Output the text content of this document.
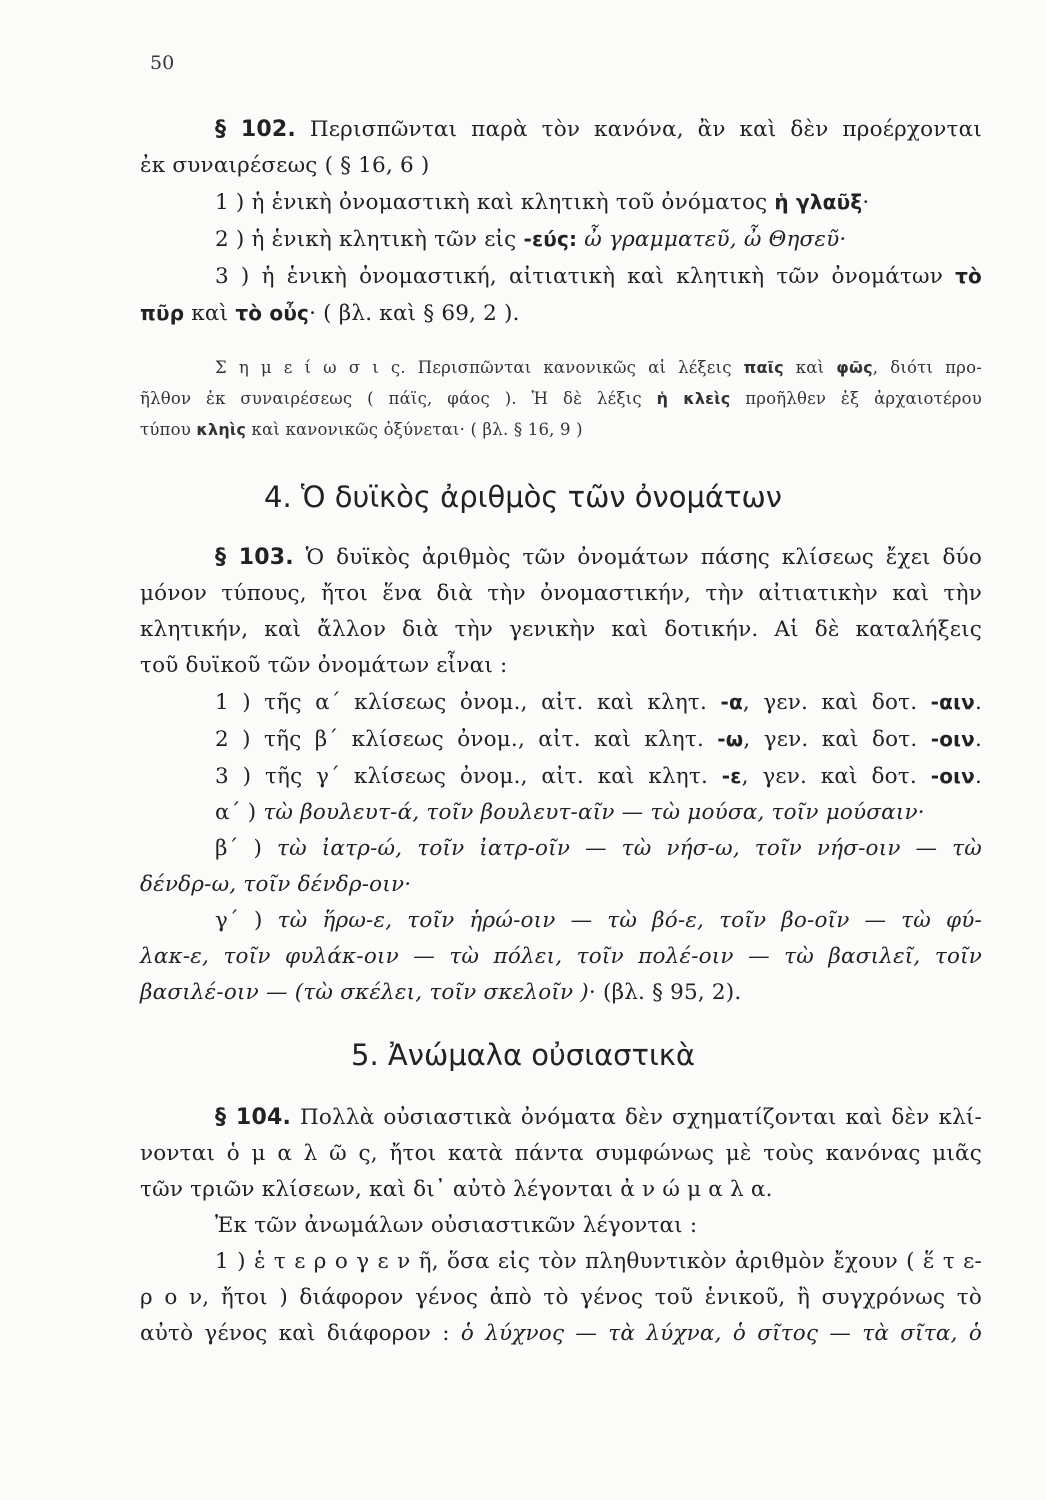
50
§ 102. Περισπῶνται παρὰ τὸν κανόνα, ἂν καὶ δὲν προέρχονται
ἐκ συναιρέσεως ( § 16, 6 )
1 ) ἡ ἑνικὴ ὀνομαστικὴ καὶ κλητικὴ τοῦ ὀνόματος ἡ γλαῦξ·
2 ) ἡ ἑνικὴ κλητικὴ τῶν εἰς -εύς: ὦ γραμματεῦ, ὦ Θησεῦ·
3 ) ἡ ἑνικὴ ὀνομαστική, αἰτιατικὴ καὶ κλητικὴ τῶν ὀνομάτων τὸ
πῦρ καὶ τὸ οὖς· ( βλ. καὶ § 69, 2 ).
Σ η μ ε ί ω σ ι ς. Περισπῶνται κανονικῶς αἱ λέξεις παῖς καὶ φῶς, διότι προ-
ῆλθον ἐκ συναιρέσεως ( πάϊς, φάος ). Ἡ δὲ λέξις ἡ κλεὶς προῆλθεν ἐξ ἀρχαιοτέρου
τύπου κληὶς καὶ κανονικῶς ὀξύνεται· ( βλ. § 16, 9 )
4. Ὁ δυϊκὸς ἀριθμὸς τῶν ὀνομάτων
§ 103. Ὁ δυϊκὸς ἀριθμὸς τῶν ὀνομάτων πάσης κλίσεως ἔχει δύο
μόνον τύπους, ἤτοι ἕνα διὰ τὴν ὀνομαστικήν, τὴν αἰτιατικὴν καὶ τὴν
κλητικήν, καὶ ἄλλον διὰ τὴν γενικὴν καὶ δοτικήν. Αἱ δὲ καταλήξεις
τοῦ δυϊκοῦ τῶν ὀνομάτων εἶναι :
1 ) τῆς α΄ κλίσεως ὀνομ., αἰτ. καὶ κλητ. -α, γεν. καὶ δοτ. -αιν.
2 ) τῆς β΄ κλίσεως ὀνομ., αἰτ. καὶ κλητ. -ω, γεν. καὶ δοτ. -οιν.
3 ) τῆς γ΄ κλίσεως ὀνομ., αἰτ. καὶ κλητ. -ε, γεν. καὶ δοτ. -οιν.
α΄ ) τὼ βουλευτ-ά, τοῖν βουλευτ-αῖν — τὼ μούσα, τοῖν μούσαιν·
β΄ ) τὼ ἰατρ-ώ, τοῖν ἰατρ-οῖν — τὼ νήσ-ω, τοῖν νήσ-οιν — τὼ
δένδρ-ω, τοῖν δένδρ-οιν·
γ΄ ) τὼ ἥρω-ε, τοῖν ἡρώ-οιν — τὼ βό-ε, τοῖν βο-οῖν — τὼ φύ-
λακ-ε, τοῖν φυλάκ-οιν — τὼ πόλει, τοῖν πολέ-οιν — τὼ βασιλεῖ, τοῖν
βασιλέ-οιν — (τὼ σκέλει, τοῖν σκελοῖν )· (βλ. § 95, 2).
5. Ἀνώμαλα οὐσιαστικὰ
§ 104. Πολλὰ οὐσιαστικὰ ὀνόματα δὲν σχηματίζονται καὶ δὲν κλί-
νονται ὁ μ α λ ῶ ς, ἤτοι κατὰ πάντα συμφώνως μὲ τοὺς κανόνας μιᾶς
τῶν τριῶν κλίσεων, καὶ δι᾽ αὐτὸ λέγονται ἀ ν ώ μ α λ α.
Ἐκ τῶν ἀνωμάλων οὐσιαστικῶν λέγονται :
1 ) ἑ τ ε ρ ο γ ε ν ῆ, ὅσα εἰς τὸν πληθυντικὸν ἀριθμὸν ἔχουν ( ἕ τ ε-
ρ ο ν, ἤτοι ) διάφορον γένος ἀπὸ τὸ γένος τοῦ ἑνικοῦ, ἢ συγχρόνως τὸ
αὐτὸ γένος καὶ διάφορον : ὁ λύχνος — τὰ λύχνα, ὁ σῖτος — τὰ σῖτα, ὁ
